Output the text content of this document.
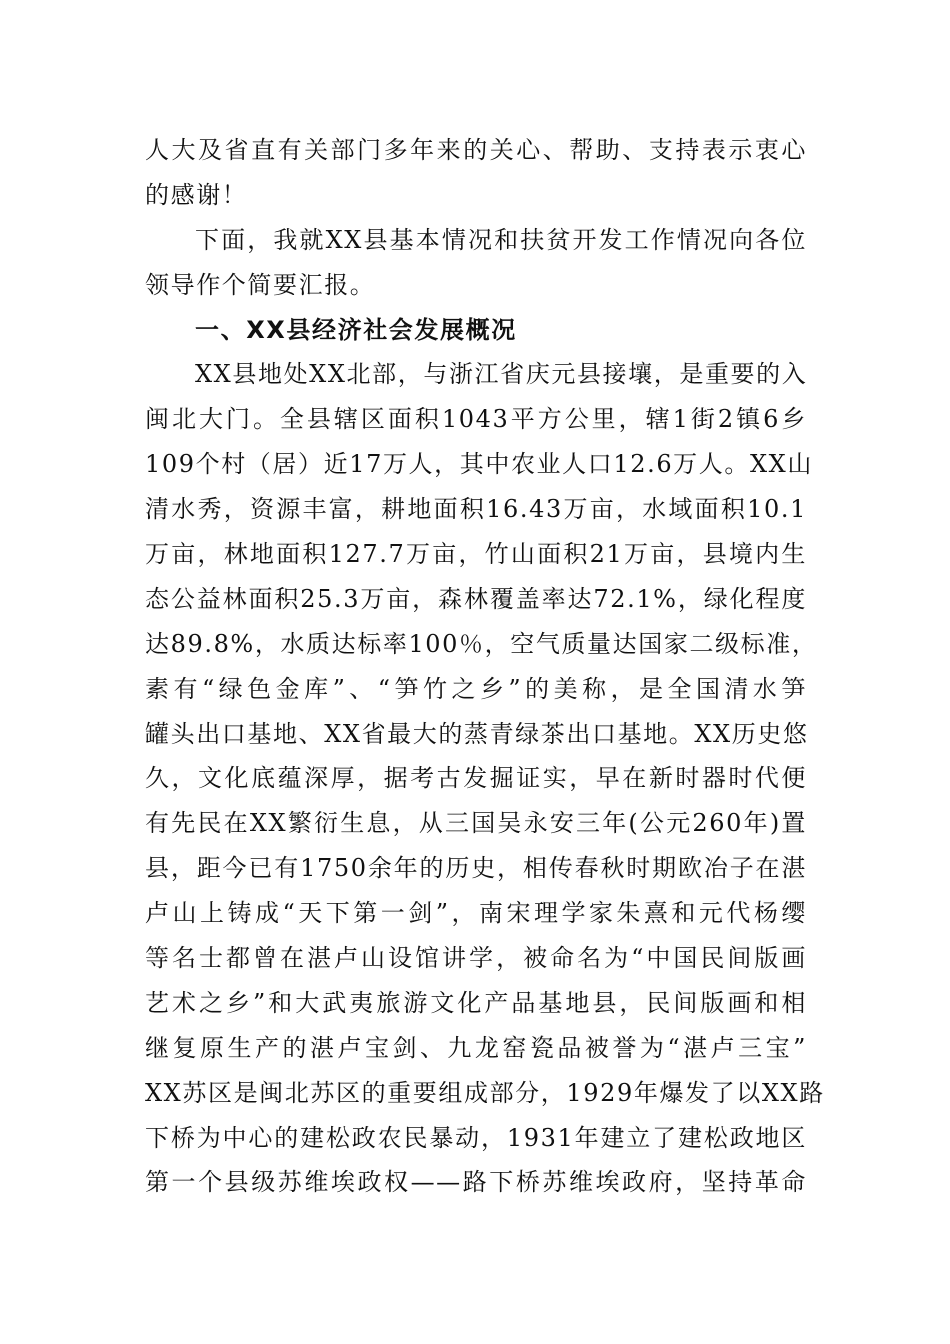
人大及省直有关部门多年来的关心、帮助、支持表示衷心
的感谢！
下面，我就XX县基本情况和扶贫开发工作情况向各位
领导作个简要汇报。
一、XX县经济社会发展概况
XX县地处XX北部，与浙江省庆元县接壤，是重要的入
闽北大门。全县辖区面积1043平方公里，辖1街2镇6乡
109个村（居）近17万人，其中农业人口12.6万人。XX山
清水秀，资源丰富，耕地面积16.43万亩，水域面积10.1
万亩，林地面积127.7万亩，竹山面积21万亩，县境内生
态公益林面积25.3万亩，森林覆盖率达72.1%，绿化程度
达89.8%，水质达标率100％，空气质量达国家二级标准，
素有“绿色金库”、“笋竹之乡”的美称，是全国清水笋
罐头出口基地、XX省最大的蒸青绿茶出口基地。XX历史悠
久，文化底蕴深厚，据考古发掘证实，早在新时器时代便
有先民在XX繁衍生息，从三国吴永安三年(公元260年)置
县，距今已有1750余年的历史，相传春秋时期欧冶子在湛
卢山上铸成“天下第一剑”，南宋理学家朱熹和元代杨缨
等名士都曾在湛卢山设馆讲学，被命名为“中国民间版画
艺术之乡”和大武夷旅游文化产品基地县，民间版画和相
继复原生产的湛卢宝剑、九龙窑瓷品被誉为“湛卢三宝”
XX苏区是闽北苏区的重要组成部分，1929年爆发了以XX路
下桥为中心的建松政农民暴动，1931年建立了建松政地区
第一个县级苏维埃政权——路下桥苏维埃政府，坚持革命
